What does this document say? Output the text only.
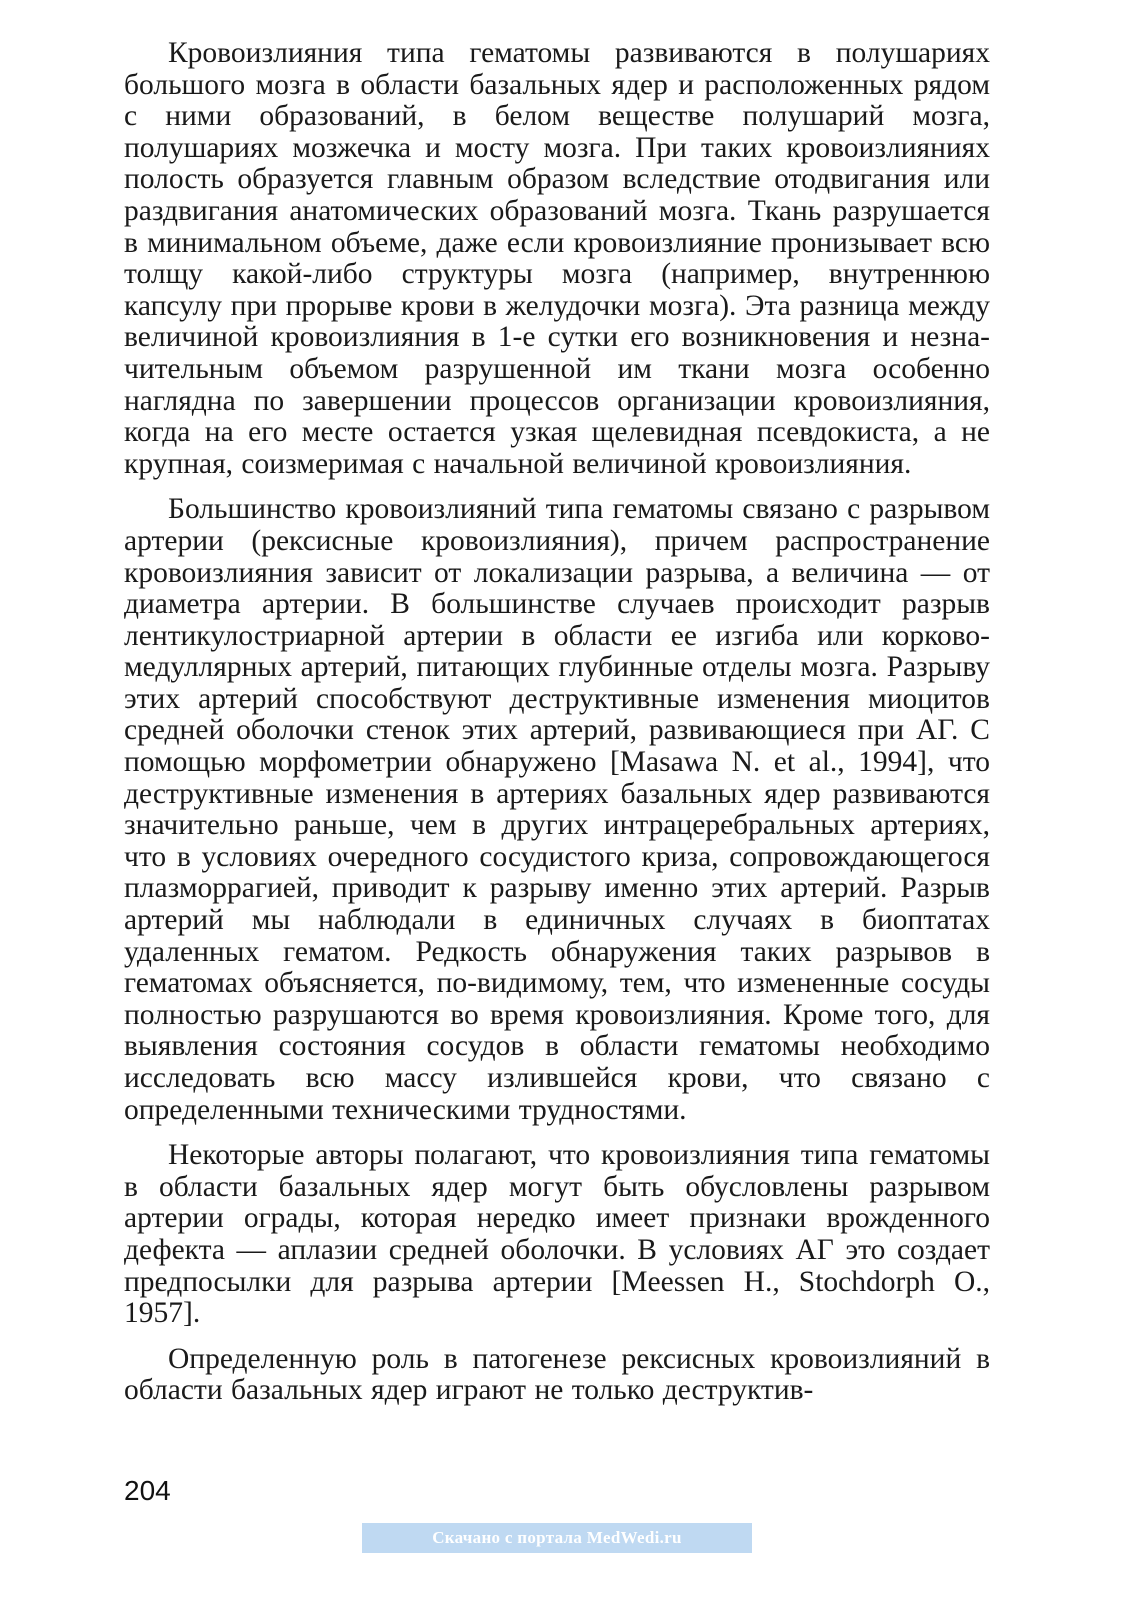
Кровоизлияния типа гематомы развиваются в полушариях большого мозга в области базальных ядер и расположенных рядом с ними образований, в белом веществе полушарий мозга, полушариях мозжечка и мосту мозга. При таких кровоизлияниях полость образуется главным образом вследствие отодвигания или раздвигания анатомических образований мозга. Ткань разрушается в минимальном объеме, даже если кровоизлияние пронизывает всю толщу какой-либо структуры мозга (например, внутреннюю капсулу при прорыве крови в желудочки мозга). Эта разница между величиной кровоизлияния в 1-е сутки его возникновения и незначительным объемом разрушенной им ткани мозга особенно наглядна по завершении процессов организации кровоизлияния, когда на его месте остается узкая щелевидная псевдокиста, а не крупная, соизмеримая с начальной величиной кровоизлияния.

Большинство кровоизлияний типа гематомы связано с разрывом артерии (рексисные кровоизлияния), причем распространение кровоизлияния зависит от локализации разрыва, а величина — от диаметра артерии. В большинстве случаев происходит разрыв лентикулостриарной артерии в области ее изгиба или корково-медуллярных артерий, питающих глубинные отделы мозга. Разрыву этих артерий способствуют деструктивные изменения миоцитов средней оболочки стенок этих артерий, развивающиеся при АГ. С помощью морфометрии обнаружено [Masawa N. et al., 1994], что деструктивные изменения в артериях базальных ядер развиваются значительно раньше, чем в других интрацеребральных артериях, что в условиях очередного сосудистого криза, сопровождающегося плазморрагией, приводит к разрыву именно этих артерий. Разрыв артерий мы наблюдали в единичных случаях в биоптатах удаленных гематом. Редкость обнаружения таких разрывов в гематомах объясняется, по-видимому, тем, что измененные сосуды полностью разрушаются во время кровоизлияния. Кроме того, для выявления состояния сосудов в области гематомы необходимо исследовать всю массу излившейся крови, что связано с определенными техническими трудностями.

Некоторые авторы полагают, что кровоизлияния типа гематомы в области базальных ядер могут быть обусловлены разрывом артерии ограды, которая нередко имеет признаки врожденного дефекта — аплазии средней оболочки. В условиях АГ это создает предпосылки для разрыва артерии [Meessen H., Stochdorph O., 1957].

Определенную роль в патогенезе рексисных кровоизлияний в области базальных ядер играют не только деструктив-

204
Скачано с портала MedWedi.ru
